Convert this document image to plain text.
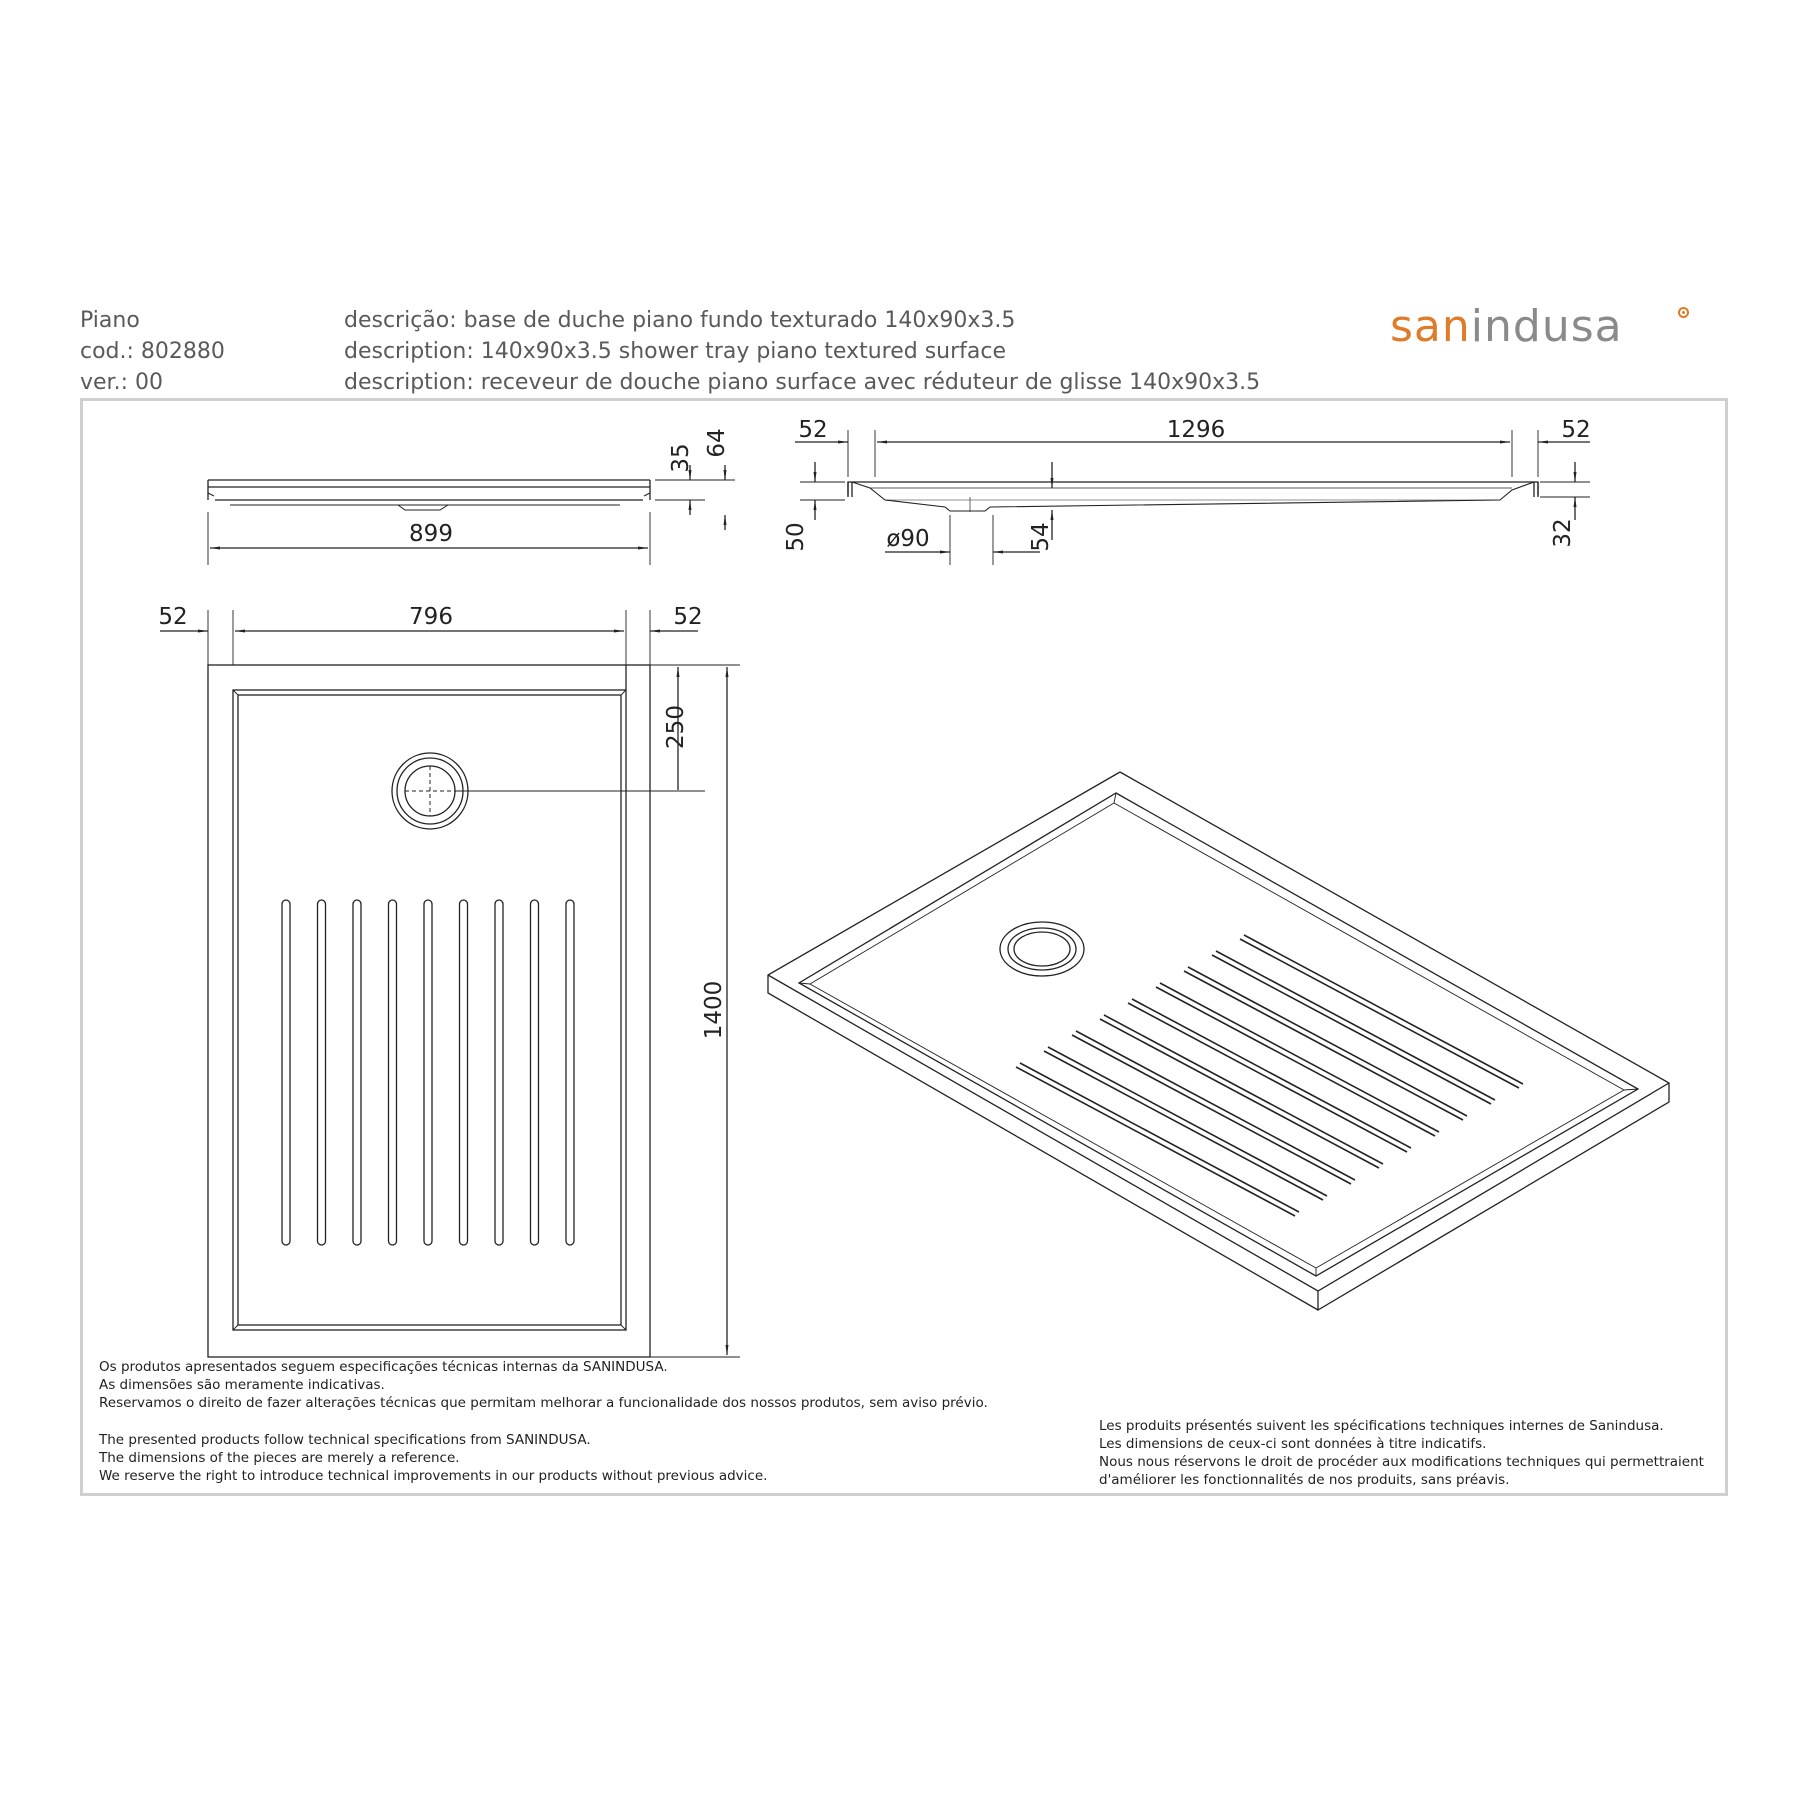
Piano
cod.: 802880
ver.: 00
descrição: base de duche piano fundo texturado 140x90x3.5
description: 140x90x3.5 shower tray piano textured surface
description: receveur de douche piano surface avec réduteur de glisse 140x90x3.5
sanindusa
35
64
899
52	1296	52
50	ø90	54	32
52	796	52
250
1400
Os produtos apresentados seguem especificações técnicas internas da SANINDUSA.
As dimensões são meramente indicativas.
Reservamos o direito de fazer alterações técnicas que permitam melhorar a funcionalidade dos nossos produtos, sem aviso prévio.
The presented products follow technical specifications from SANINDUSA.
The dimensions of the pieces are merely a reference.
We reserve the right to introduce technical improvements in our products without previous advice.
Les produits présentés suivent les spécifications techniques internes de Sanindusa.
Les dimensions de ceux-ci sont données à titre indicatifs.
Nous nous réservons le droit de procéder aux modifications techniques qui permettraient
d'améliorer les fonctionnalités de nos produits, sans préavis.
